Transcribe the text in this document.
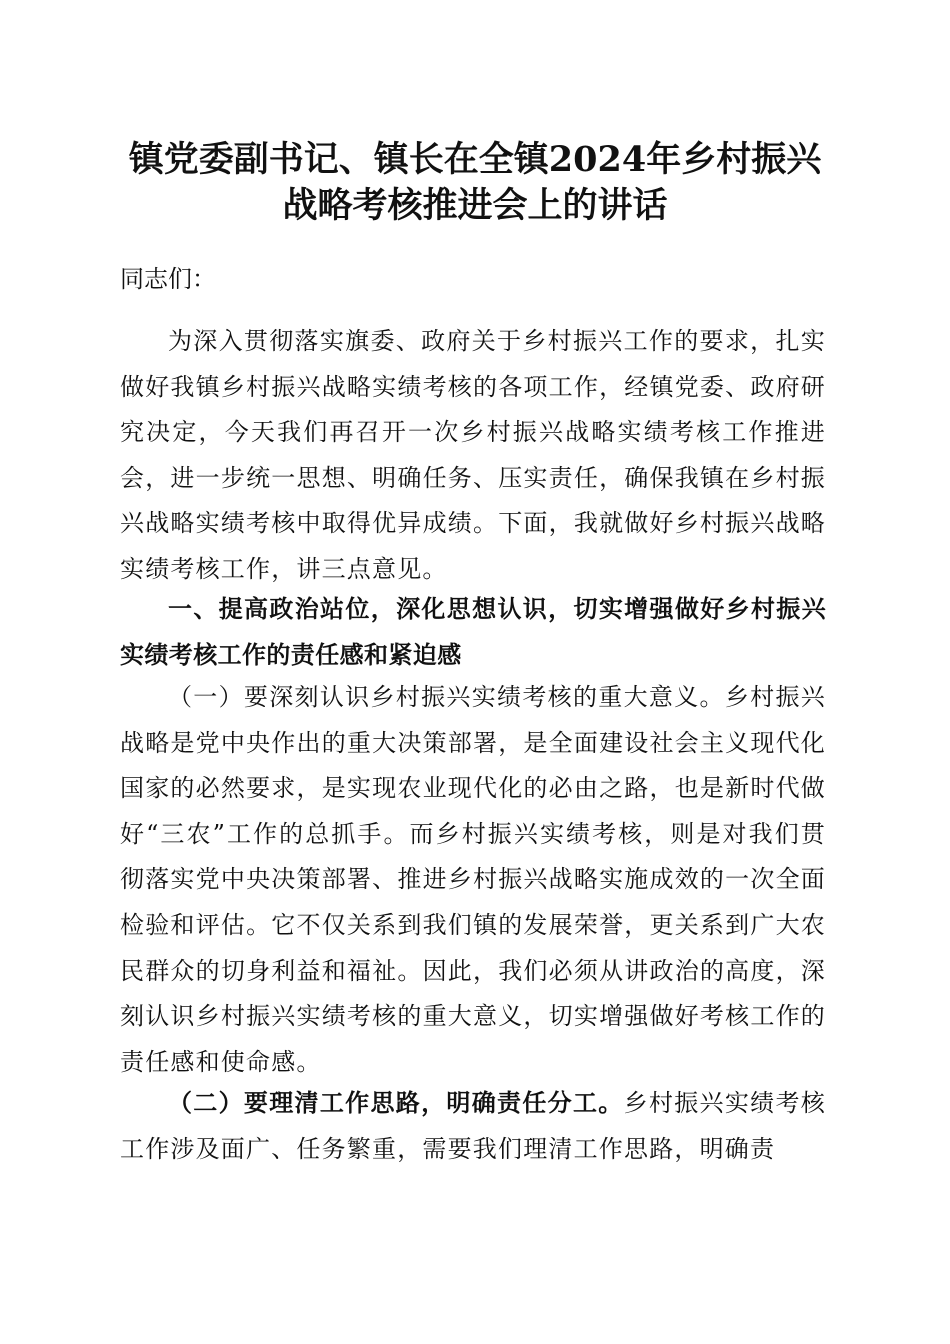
镇党委副书记、镇长在全镇2024年乡村振兴
战略考核推进会上的讲话

同志们：

为深入贯彻落实旗委、政府关于乡村振兴工作的要求，扎实做好我镇乡村振兴战略实绩考核的各项工作，经镇党委、政府研究决定，今天我们再召开一次乡村振兴战略实绩考核工作推进会，进一步统一思想、明确任务、压实责任，确保我镇在乡村振兴战略实绩考核中取得优异成绩。下面，我就做好乡村振兴战略实绩考核工作，讲三点意见。

一、提高政治站位，深化思想认识，切实增强做好乡村振兴实绩考核工作的责任感和紧迫感

（一）要深刻认识乡村振兴实绩考核的重大意义。乡村振兴战略是党中央作出的重大决策部署，是全面建设社会主义现代化国家的必然要求，是实现农业现代化的必由之路，也是新时代做好“三农”工作的总抓手。而乡村振兴实绩考核，则是对我们贯彻落实党中央决策部署、推进乡村振兴战略实施成效的一次全面检验和评估。它不仅关系到我们镇的发展荣誉，更关系到广大农民群众的切身利益和福祉。因此，我们必须从讲政治的高度，深刻认识乡村振兴实绩考核的重大意义，切实增强做好考核工作的责任感和使命感。

（二）要理清工作思路，明确责任分工。乡村振兴实绩考核工作涉及面广、任务繁重，需要我们理清工作思路，明确责
